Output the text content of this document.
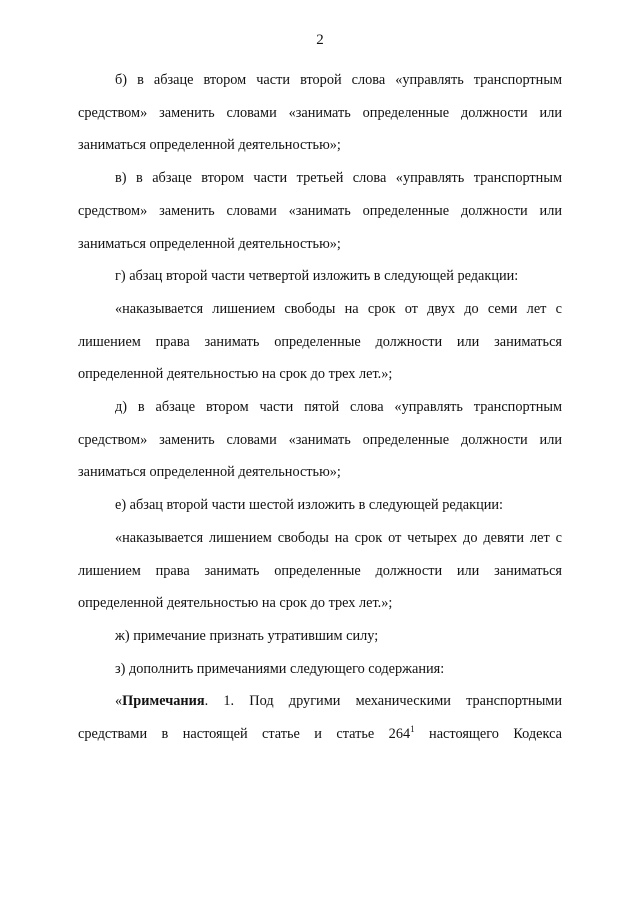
2
б) в абзаце втором части второй слова «управлять транспортным
средством» заменить словами «занимать определенные должности или
заниматься определенной деятельностью»;
в) в абзаце втором части третьей слова «управлять транспортным
средством» заменить словами «занимать определенные должности или
заниматься определенной деятельностью»;
г) абзац второй части четвертой изложить в следующей редакции:
«наказывается лишением свободы на срок от двух до семи лет с
лишением права занимать определенные должности или заниматься
определенной деятельностью на срок до трех лет.»;
д) в абзаце втором части пятой слова «управлять транспортным
средством» заменить словами «занимать определенные должности или
заниматься определенной деятельностью»;
е) абзац второй части шестой изложить в следующей редакции:
«наказывается лишением свободы на срок от четырех до девяти лет с
лишением права занимать определенные должности или заниматься
определенной деятельностью на срок до трех лет.»;
ж) примечание признать утратившим силу;
з) дополнить примечаниями следующего содержания:
«Примечания. 1. Под другими механическими транспортными
средствами в настоящей статье и статье $264^1$ настоящего Кодекса
